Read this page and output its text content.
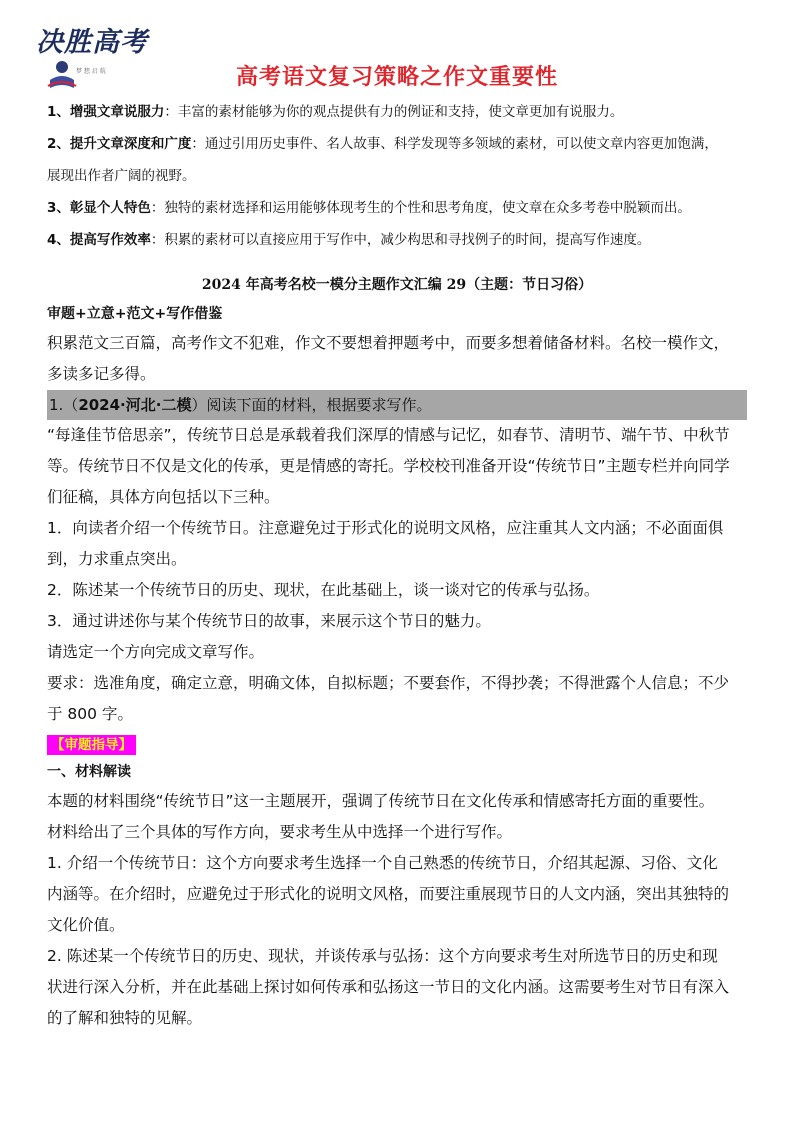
决胜高考
梦 想 启 航	高考语文复习策略之作文重要性

1、增强文章说服力：丰富的素材能够为你的观点提供有力的例证和支持，使文章更加有说服力。

2、提升文章深度和广度：通过引用历史事件、名人故事、科学发现等多领域的素材，可以使文章内容更加饱满，

展现出作者广阔的视野。

3、彰显个人特色：独特的素材选择和运用能够体现考生的个性和思考角度，使文章在众多考卷中脱颖而出。

4、提高写作效率：积累的素材可以直接应用于写作中，减少构思和寻找例子的时间，提高写作速度。

2024 年高考名校一模分主题作文汇编 29（主题：节日习俗）

审题+立意+范文+写作借鉴

积累范文三百篇，高考作文不犯难，作文不要想着押题考中，而要多想着储备材料。名校一模作文，

多读多记多得。

1.（2024·河北·二模）阅读下面的材料，根据要求写作。

“每逢佳节倍思亲”，传统节日总是承载着我们深厚的情感与记忆，如春节、清明节、端午节、中秋节

等。传统节日不仅是文化的传承，更是情感的寄托。学校校刊准备开设“传统节日”主题专栏并向同学

们征稿，具体方向包括以下三种。

1．向读者介绍一个传统节日。注意避免过于形式化的说明文风格，应注重其人文内涵；不必面面俱

到，力求重点突出。

2．陈述某一个传统节日的历史、现状，在此基础上，谈一谈对它的传承与弘扬。

3．通过讲述你与某个传统节日的故事，来展示这个节日的魅力。

请选定一个方向完成文章写作。

要求：选准角度，确定立意，明确文体，自拟标题；不要套作，不得抄袭；不得泄露个人信息；不少

于 800 字。

【审题指导】

一、材料解读

本题的材料围绕“传统节日”这一主题展开，强调了传统节日在文化传承和情感寄托方面的重要性。

材料给出了三个具体的写作方向，要求考生从中选择一个进行写作。

1. 介绍一个传统节日：这个方向要求考生选择一个自己熟悉的传统节日，介绍其起源、习俗、文化

内涵等。在介绍时，应避免过于形式化的说明文风格，而要注重展现节日的人文内涵，突出其独特的

文化价值。

2. 陈述某一个传统节日的历史、现状，并谈传承与弘扬：这个方向要求考生对所选节日的历史和现

状进行深入分析，并在此基础上探讨如何传承和弘扬这一节日的文化内涵。这需要考生对节日有深入

的了解和独特的见解。
